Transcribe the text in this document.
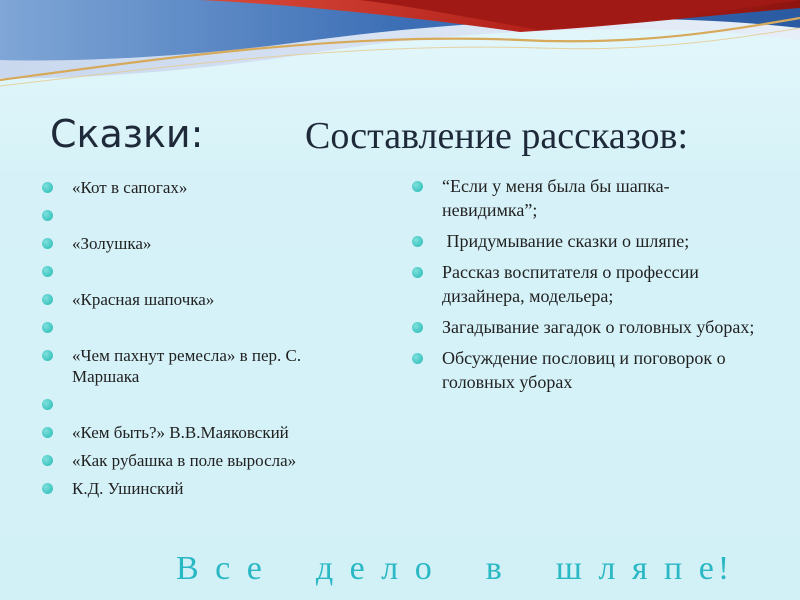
Сказки:	Составление рассказов:
«Кот в сапогах»
«Золушка»
«Красная шапочка»
«Чем пахнут ремесла» в пер. С. Маршака
«Кем быть?» В.В.Маяковский
«Как рубашка в поле выросла»
К.Д. Ушинский
“Если у меня была бы шапка-невидимка”;
Придумывание сказки о шляпе;
Рассказ воспитателя о профессии дизайнера, модельера;
Загадывание загадок о головных уборах;
Обсуждение пословиц и поговорок о головных уборах
В с е    д е л о    в    ш л я п е!
